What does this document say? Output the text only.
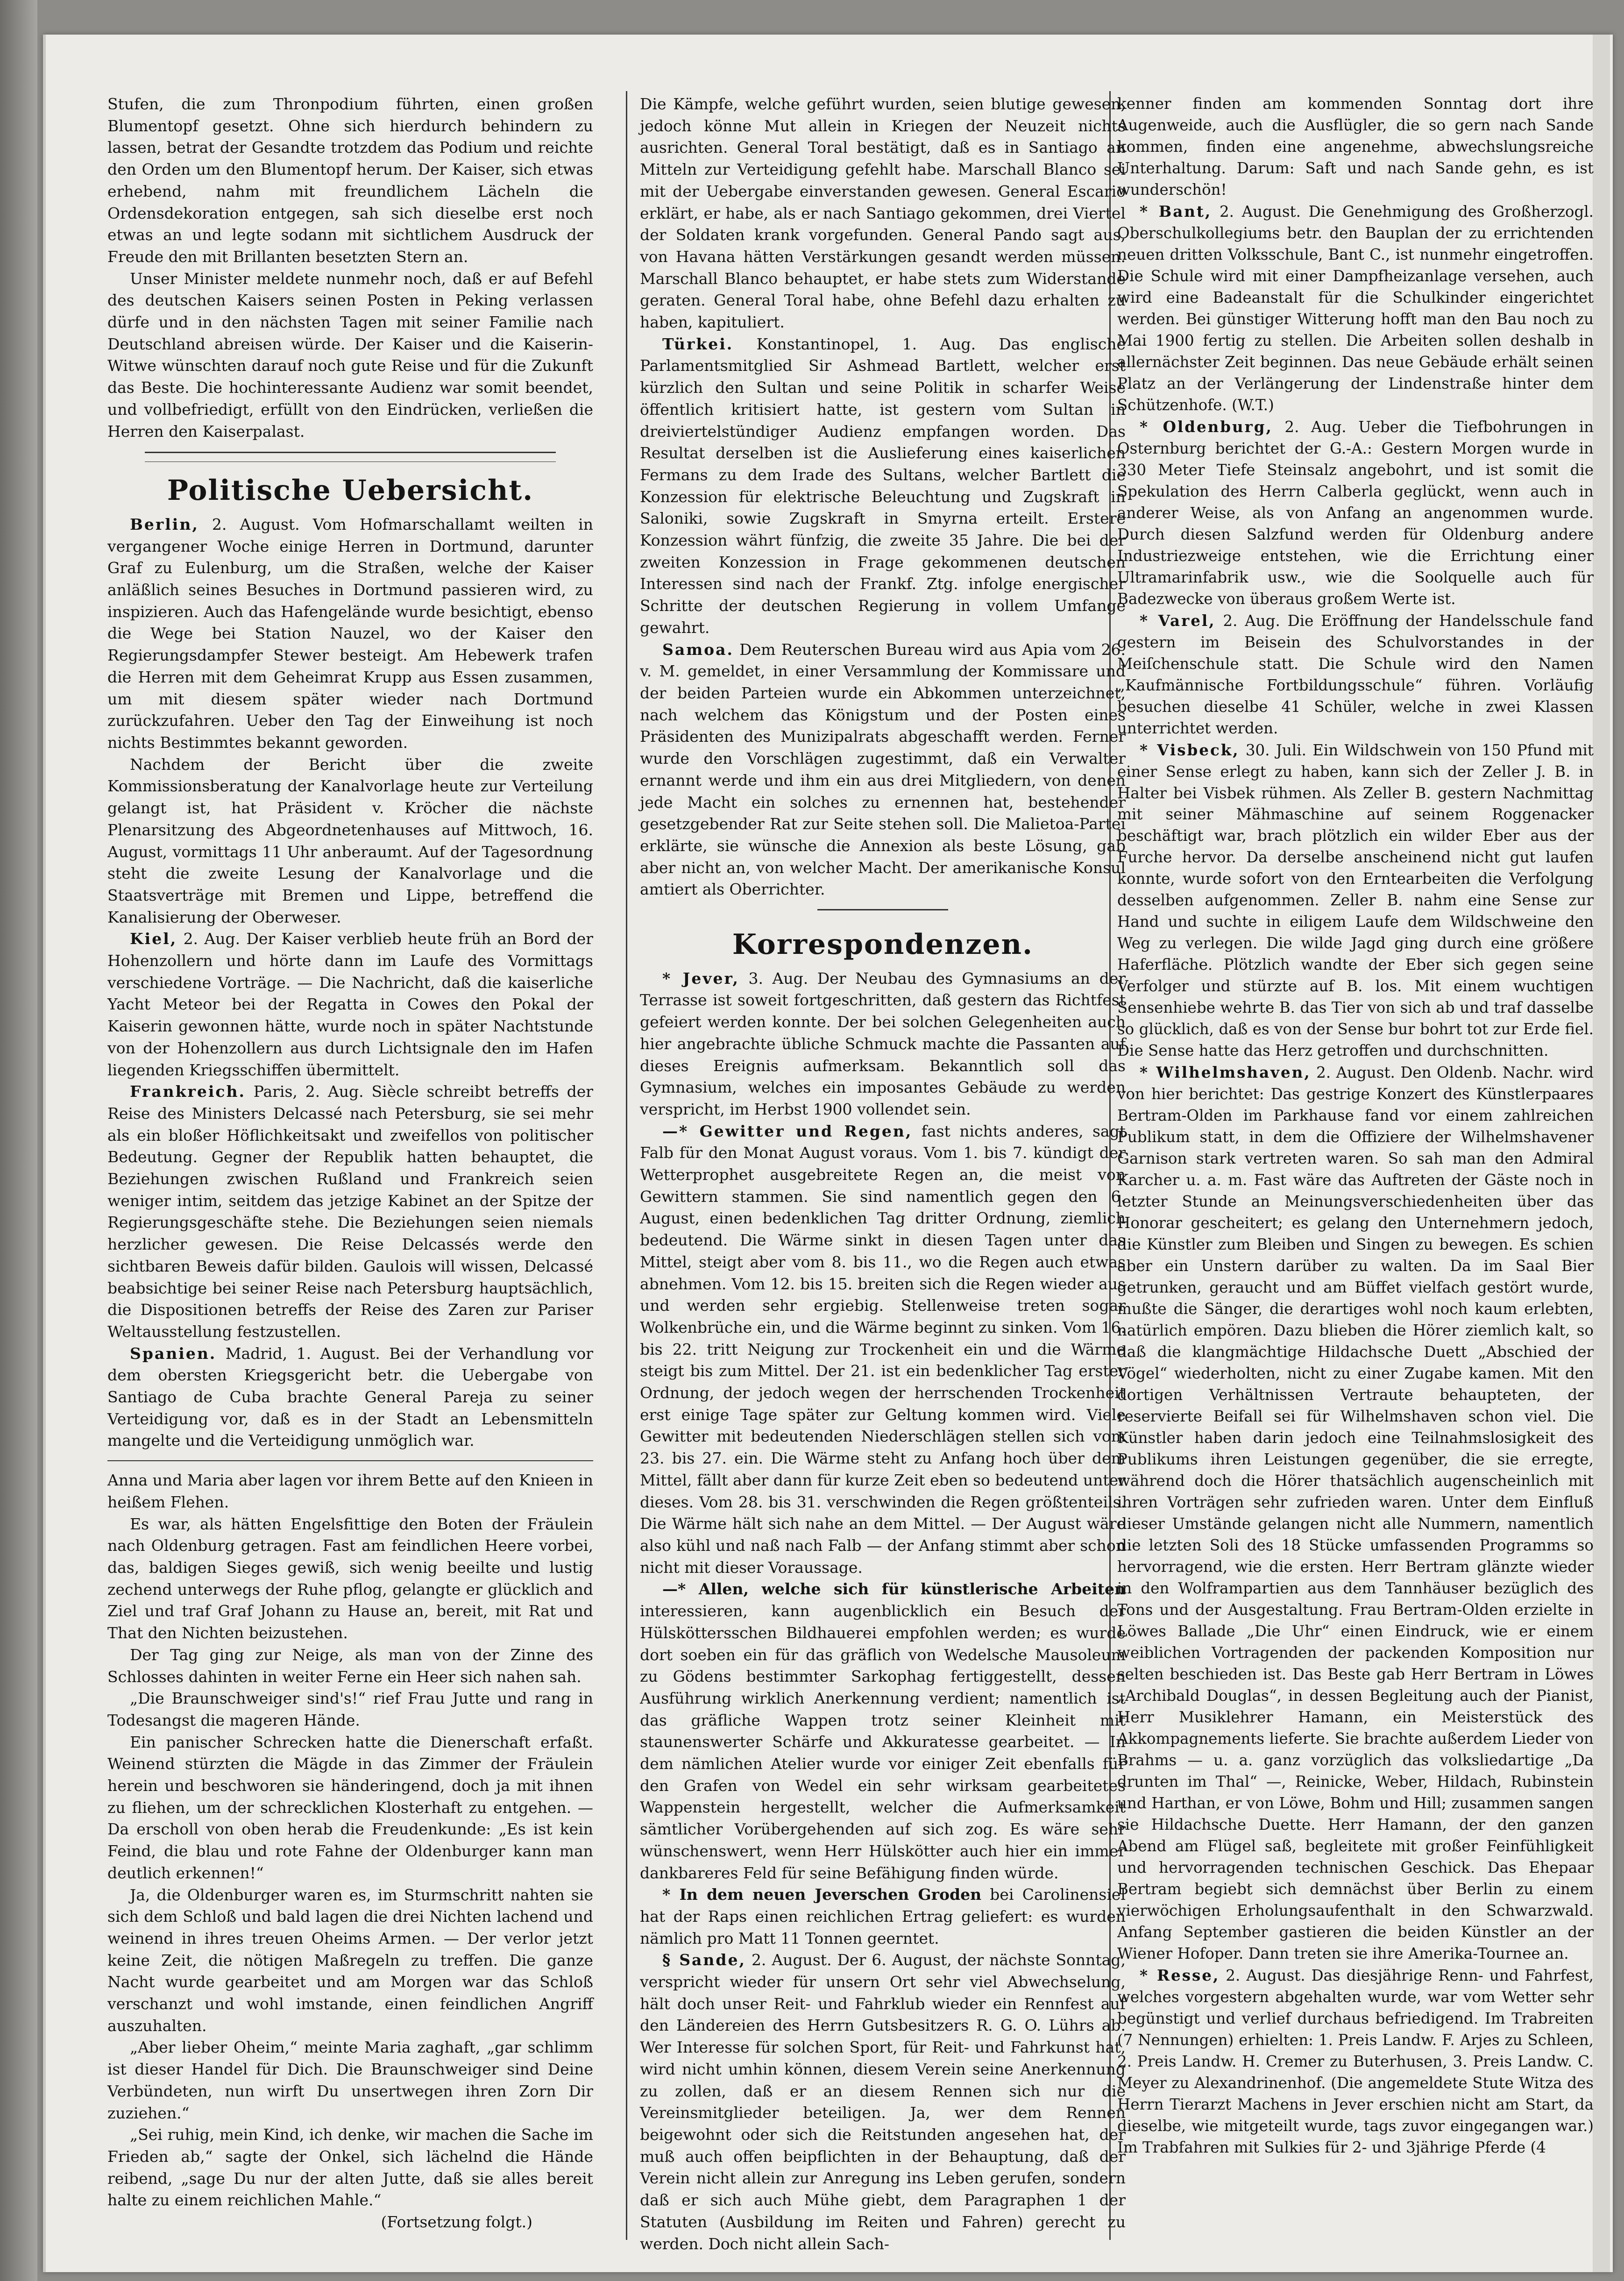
Stufen, die zum Thronpodium führten, einen großen Blumentopf gesetzt. Ohne sich hierdurch behindern zu lassen, betrat der Gesandte trotzdem das Podium und reichte den Orden um den Blumentopf herum. Der Kaiser, sich etwas erhebend, nahm mit freundlichem Lächeln die Ordensdekoration entgegen, sah sich dieselbe erst noch etwas an und legte sodann mit sichtlichem Ausdruck der Freude den mit Brillanten besetzten Stern an.

Unser Minister meldete nunmehr noch, daß er auf Befehl des deutschen Kaisers seinen Posten in Peking verlassen dürfe und in den nächsten Tagen mit seiner Familie nach Deutschland abreisen würde. Der Kaiser und die Kaiserin-Witwe wünschten darauf noch gute Reise und für die Zukunft das Beste. Die hochinteressante Audienz war somit beendet, und vollbefriedigt, erfüllt von den Eindrücken, verließen die Herren den Kaiserpalast.

Politische Uebersicht.

Berlin, 2. August. Vom Hofmarschallamt weilten in vergangener Woche einige Herren in Dortmund, darunter Graf zu Eulenburg, um die Straßen, welche der Kaiser anläßlich seines Besuches in Dortmund passieren wird, zu inspizieren. Auch das Hafengelände wurde besichtigt, ebenso die Wege bei Station Nauzel, wo der Kaiser den Regierungsdampfer Stewer besteigt. Am Hebewerk trafen die Herren mit dem Geheimrat Krupp aus Essen zusammen, um mit diesem später wieder nach Dortmund zurückzufahren. Ueber den Tag der Einweihung ist noch nichts Bestimmtes bekannt geworden.

Nachdem der Bericht über die zweite Kommissionsberatung der Kanalvorlage heute zur Verteilung gelangt ist, hat Präsident v. Kröcher die nächste Plenarsitzung des Abgeordnetenhauses auf Mittwoch, 16. August, vormittags 11 Uhr anberaumt. Auf der Tagesordnung steht die zweite Lesung der Kanalvorlage und die Staatsverträge mit Bremen und Lippe, betreffend die Kanalisierung der Oberweser.

Kiel, 2. Aug. Der Kaiser verblieb heute früh an Bord der Hohenzollern und hörte dann im Laufe des Vormittags verschiedene Vorträge. — Die Nachricht, daß die kaiserliche Yacht Meteor bei der Regatta in Cowes den Pokal der Kaiserin gewonnen hätte, wurde noch in später Nachtstunde von der Hohenzollern aus durch Lichtsignale den im Hafen liegenden Kriegsschiffen übermittelt.

Frankreich. Paris, 2. Aug. Siècle schreibt betreffs der Reise des Ministers Delcassé nach Petersburg, sie sei mehr als ein bloßer Höflichkeitsakt und zweifellos von politischer Bedeutung. Gegner der Republik hatten behauptet, die Beziehungen zwischen Rußland und Frankreich seien weniger intim, seitdem das jetzige Kabinet an der Spitze der Regierungsgeschäfte stehe. Die Beziehungen seien niemals herzlicher gewesen. Die Reise Delcassés werde den sichtbaren Beweis dafür bilden. Gaulois will wissen, Delcassé beabsichtige bei seiner Reise nach Petersburg hauptsächlich, die Dispositionen betreffs der Reise des Zaren zur Pariser Weltausstellung festzustellen.

Spanien. Madrid, 1. August. Bei der Verhandlung vor dem obersten Kriegsgericht betr. die Uebergabe von Santiago de Cuba brachte General Pareja zu seiner Verteidigung vor, daß es in der Stadt an Lebensmitteln mangelte und die Verteidigung unmöglich war.

Anna und Maria aber lagen vor ihrem Bette auf den Knieen in heißem Flehen.

Es war, als hätten Engelsfittige den Boten der Fräulein nach Oldenburg getragen. Fast am feindlichen Heere vorbei, das, baldigen Sieges gewiß, sich wenig beeilte und lustig zechend unterwegs der Ruhe pflog, gelangte er glücklich and Ziel und traf Graf Johann zu Hause an, bereit, mit Rat und That den Nichten beizustehen.

Der Tag ging zur Neige, als man von der Zinne des Schlosses dahinten in weiter Ferne ein Heer sich nahen sah.

„Die Braunschweiger sind's!“ rief Frau Jutte und rang in Todesangst die mageren Hände.

Ein panischer Schrecken hatte die Dienerschaft erfaßt. Weinend stürzten die Mägde in das Zimmer der Fräulein herein und beschworen sie händeringend, doch ja mit ihnen zu fliehen, um der schrecklichen Klosterhaft zu entgehen. — Da erscholl von oben herab die Freudenkunde: „Es ist kein Feind, die blau und rote Fahne der Oldenburger kann man deutlich erkennen!“

Ja, die Oldenburger waren es, im Sturmschritt nahten sie sich dem Schloß und bald lagen die drei Nichten lachend und weinend in ihres treuen Oheims Armen. — Der verlor jetzt keine Zeit, die nötigen Maßregeln zu treffen. Die ganze Nacht wurde gearbeitet und am Morgen war das Schloß verschanzt und wohl imstande, einen feindlichen Angriff auszuhalten.

„Aber lieber Oheim,“ meinte Maria zaghaft, „gar schlimm ist dieser Handel für Dich. Die Braunschweiger sind Deine Verbündeten, nun wirft Du unsertwegen ihren Zorn Dir zuziehen.“

„Sei ruhig, mein Kind, ich denke, wir machen die Sache im Frieden ab,“ sagte der Onkel, sich lächelnd die Hände reibend, „sage Du nur der alten Jutte, daß sie alles bereit halte zu einem reichlichen Mahle.“

(Fortsetzung folgt.)

Die Kämpfe, welche geführt wurden, seien blutige gewesen, jedoch könne Mut allein in Kriegen der Neuzeit nichts ausrichten. General Toral bestätigt, daß es in Santiago an Mitteln zur Verteidigung gefehlt habe. Marschall Blanco sei mit der Uebergabe einverstanden gewesen. General Escario erklärt, er habe, als er nach Santiago gekommen, drei Viertel der Soldaten krank vorgefunden. General Pando sagt aus, von Havana hätten Verstärkungen gesandt werden müssen. Marschall Blanco behauptet, er habe stets zum Widerstande geraten. General Toral habe, ohne Befehl dazu erhalten zu haben, kapituliert.

Türkei. Konstantinopel, 1. Aug. Das englische Parlamentsmitglied Sir Ashmead Bartlett, welcher erst kürzlich den Sultan und seine Politik in scharfer Weise öffentlich kritisiert hatte, ist gestern vom Sultan in dreiviertelstündiger Audienz empfangen worden. Das Resultat derselben ist die Auslieferung eines kaiserlichen Fermans zu dem Irade des Sultans, welcher Bartlett die Konzession für elektrische Beleuchtung und Zugskraft in Saloniki, sowie Zugskraft in Smyrna erteilt. Erstere Konzession währt fünfzig, die zweite 35 Jahre. Die bei der zweiten Konzession in Frage gekommenen deutschen Interessen sind nach der Frankf. Ztg. infolge energischer Schritte der deutschen Regierung in vollem Umfange gewahrt.

Samoa. Dem Reuterschen Bureau wird aus Apia vom 26. v. M. gemeldet, in einer Versammlung der Kommissare und der beiden Parteien wurde ein Abkommen unterzeichnet, nach welchem das Königstum und der Posten eines Präsidenten des Munizipalrats abgeschafft werden. Ferner wurde den Vorschlägen zugestimmt, daß ein Verwalter ernannt werde und ihm ein aus drei Mitgliedern, von denen jede Macht ein solches zu ernennen hat, bestehender gesetzgebender Rat zur Seite stehen soll. Die Malietoa-Partei erklärte, sie wünsche die Annexion als beste Lösung, gab aber nicht an, von welcher Macht. Der amerikanische Konsul amtiert als Oberrichter.

Korrespondenzen.

* Jever, 3. Aug. Der Neubau des Gymnasiums an der Terrasse ist soweit fortgeschritten, daß gestern das Richtfest gefeiert werden konnte. Der bei solchen Gelegenheiten auch hier angebrachte übliche Schmuck machte die Passanten auf dieses Ereignis aufmerksam. Bekanntlich soll das Gymnasium, welches ein imposantes Gebäude zu werden verspricht, im Herbst 1900 vollendet sein.

—* Gewitter und Regen, fast nichts anderes, sagt Falb für den Monat August voraus. Vom 1. bis 7. kündigt der Wetterprophet ausgebreitete Regen an, die meist von Gewittern stammen. Sie sind namentlich gegen den 6. August, einen bedenklichen Tag dritter Ordnung, ziemlich bedeutend. Die Wärme sinkt in diesen Tagen unter das Mittel, steigt aber vom 8. bis 11., wo die Regen auch etwas abnehmen. Vom 12. bis 15. breiten sich die Regen wieder aus und werden sehr ergiebig. Stellenweise treten sogar Wolkenbrüche ein, und die Wärme beginnt zu sinken. Vom 16. bis 22. tritt Neigung zur Trockenheit ein und die Wärme steigt bis zum Mittel. Der 21. ist ein bedenklicher Tag erster Ordnung, der jedoch wegen der herrschenden Trockenheit erst einige Tage später zur Geltung kommen wird. Viele Gewitter mit bedeutenden Niederschlägen stellen sich vom 23. bis 27. ein. Die Wärme steht zu Anfang hoch über dem Mittel, fällt aber dann für kurze Zeit eben so bedeutend unter dieses. Vom 28. bis 31. verschwinden die Regen größtenteils. Die Wärme hält sich nahe an dem Mittel. — Der August wäre also kühl und naß nach Falb — der Anfang stimmt aber schon nicht mit dieser Voraussage.

—* Allen, welche sich für künstlerische Arbeiten interessieren, kann augenblicklich ein Besuch der Hülsköttersschen Bildhauerei empfohlen werden; es wurde dort soeben ein für das gräflich von Wedelsche Mausoleum zu Gödens bestimmter Sarkophag fertiggestellt, dessen Ausführung wirklich Anerkennung verdient; namentlich ist das gräfliche Wappen trotz seiner Kleinheit mit staunenswerter Schärfe und Akkuratesse gearbeitet. — In dem nämlichen Atelier wurde vor einiger Zeit ebenfalls für den Grafen von Wedel ein sehr wirksam gearbeitetes Wappenstein hergestellt, welcher die Aufmerksamkeit sämtlicher Vorübergehenden auf sich zog. Es wäre sehr wünschenswert, wenn Herr Hülskötter auch hier ein immer dankbareres Feld für seine Befähigung finden würde.

* In dem neuen Jeverschen Groden bei Carolinensiel hat der Raps einen reichlichen Ertrag geliefert: es wurden nämlich pro Matt 11 Tonnen geerntet.

§ Sande, 2. August. Der 6. August, der nächste Sonntag, verspricht wieder für unsern Ort sehr viel Abwechselung, hält doch unser Reit- und Fahrklub wieder ein Rennfest auf den Ländereien des Herrn Gutsbesitzers R. G. O. Lührs ab. Wer Interesse für solchen Sport, für Reit- und Fahrkunst hat, wird nicht umhin können, diesem Verein seine Anerkennung zu zollen, daß er an diesem Rennen sich nur die Vereinsmitglieder beteiligen. Ja, wer dem Rennen beigewohnt oder sich die Reitstunden angesehen hat, der muß auch offen beipflichten in der Behauptung, daß der Verein nicht allein zur Anregung ins Leben gerufen, sondern daß er sich auch Mühe giebt, dem Paragraphen 1 der Statuten (Ausbildung im Reiten und Fahren) gerecht zu werden. Doch nicht allein Sach-

kenner finden am kommenden Sonntag dort ihre Augenweide, auch die Ausflügler, die so gern nach Sande kommen, finden eine angenehme, abwechslungsreiche Unterhaltung. Darum: Saft und nach Sande gehn, es ist wunderschön!

* Bant, 2. August. Die Genehmigung des Großherzogl. Oberschulkollegiums betr. den Bauplan der zu errichtenden neuen dritten Volksschule, Bant C., ist nunmehr eingetroffen. Die Schule wird mit einer Dampfheizanlage versehen, auch wird eine Badeanstalt für die Schulkinder eingerichtet werden. Bei günstiger Witterung hofft man den Bau noch zu Mai 1900 fertig zu stellen. Die Arbeiten sollen deshalb in allernächster Zeit beginnen. Das neue Gebäude erhält seinen Platz an der Verlängerung der Lindenstraße hinter dem Schützenhofe. (W.T.)

* Oldenburg, 2. Aug. Ueber die Tiefbohrungen in Osternburg berichtet der G.-A.: Gestern Morgen wurde in 330 Meter Tiefe Steinsalz angebohrt, und ist somit die Spekulation des Herrn Calberla geglückt, wenn auch in anderer Weise, als von Anfang an angenommen wurde. Durch diesen Salzfund werden für Oldenburg andere Industriezweige entstehen, wie die Errichtung einer Ultramarinfabrik usw., wie die Soolquelle auch für Badezwecke von überaus großem Werte ist.

* Varel, 2. Aug. Die Eröffnung der Handelsschule fand gestern im Beisein des Schulvorstandes in der Meiſchenschule statt. Die Schule wird den Namen „Kaufmännische Fortbildungsschule“ führen. Vorläufig besuchen dieselbe 41 Schüler, welche in zwei Klassen unterrichtet werden.

* Visbeck, 30. Juli. Ein Wildschwein von 150 Pfund mit einer Sense erlegt zu haben, kann sich der Zeller J. B. in Halter bei Visbek rühmen. Als Zeller B. gestern Nachmittag mit seiner Mähmaschine auf seinem Roggenacker beschäftigt war, brach plötzlich ein wilder Eber aus der Furche hervor. Da derselbe anscheinend nicht gut laufen konnte, wurde sofort von den Erntearbeiten die Verfolgung desselben aufgenommen. Zeller B. nahm eine Sense zur Hand und suchte in eiligem Laufe dem Wildschweine den Weg zu verlegen. Die wilde Jagd ging durch eine größere Haferfläche. Plötzlich wandte der Eber sich gegen seine Verfolger und stürzte auf B. los. Mit einem wuchtigen Sensenhiebe wehrte B. das Tier von sich ab und traf dasselbe so glücklich, daß es von der Sense bur bohrt tot zur Erde fiel. Die Sense hatte das Herz getroffen und durchschnitten.

* Wilhelmshaven, 2. August. Den Oldenb. Nachr. wird von hier berichtet: Das gestrige Konzert des Künstlerpaares Bertram-Olden im Parkhause fand vor einem zahlreichen Publikum statt, in dem die Offiziere der Wilhelmshavener Garnison stark vertreten waren. So sah man den Admiral Karcher u. a. m. Fast wäre das Auftreten der Gäste noch in letzter Stunde an Meinungsverschiedenheiten über das Honorar gescheitert; es gelang den Unternehmern jedoch, die Künstler zum Bleiben und Singen zu bewegen. Es schien aber ein Unstern darüber zu walten. Da im Saal Bier getrunken, geraucht und am Büffet vielfach gestört wurde, mußte die Sänger, die derartiges wohl noch kaum erlebten, natürlich empören. Dazu blieben die Hörer ziemlich kalt, so daß die klangmächtige Hildachsche Duett „Abschied der Vögel“ wiederholten, nicht zu einer Zugabe kamen. Mit den dortigen Verhältnissen Vertraute behaupteten, der reservierte Beifall sei für Wilhelmshaven schon viel. Die Künstler haben darin jedoch eine Teilnahmslosigkeit des Publikums ihren Leistungen gegenüber, die sie erregte, während doch die Hörer thatsächlich augenscheinlich mit ihren Vorträgen sehr zufrieden waren. Unter dem Einfluß dieser Umstände gelangen nicht alle Nummern, namentlich die letzten Soli des 18 Stücke umfassenden Programms so hervorragend, wie die ersten. Herr Bertram glänzte wieder in den Wolframpartien aus dem Tannhäuser bezüglich des Tons und der Ausgestaltung. Frau Bertram-Olden erzielte in Löwes Ballade „Die Uhr“ einen Eindruck, wie er einem weiblichen Vortragenden der packenden Komposition nur selten beschieden ist. Das Beste gab Herr Bertram in Löwes „Archibald Douglas“, in dessen Begleitung auch der Pianist, Herr Musiklehrer Hamann, ein Meisterstück des Akkompagnements lieferte. Sie brachte außerdem Lieder von Brahms — u. a. ganz vorzüglich das volksliedartige „Da drunten im Thal“ —, Reinicke, Weber, Hildach, Rubinstein und Harthan, er von Löwe, Bohm und Hill; zusammen sangen sie Hildachsche Duette. Herr Hamann, der den ganzen Abend am Flügel saß, begleitete mit großer Feinfühligkeit und hervorragenden technischen Geschick. Das Ehepaar Bertram begiebt sich demnächst über Berlin zu einem vierwöchigen Erholungsaufenthalt in den Schwarzwald. Anfang September gastieren die beiden Künstler an der Wiener Hofoper. Dann treten sie ihre Amerika-Tournee an.

* Resse, 2. August. Das diesjährige Renn- und Fahrfest, welches vorgestern abgehalten wurde, war vom Wetter sehr begünstigt und verlief durchaus befriedigend. Im Trabreiten (7 Nennungen) erhielten: 1. Preis Landw. F. Arjes zu Schleen, 2. Preis Landw. H. Cremer zu Buterhusen, 3. Preis Landw. C. Meyer zu Alexandrinenhof. (Die angemeldete Stute Witza des Herrn Tierarzt Machens in Jever erschien nicht am Start, da dieselbe, wie mitgeteilt wurde, tags zuvor eingegangen war.) Im Trabfahren mit Sulkies für 2- und 3jährige Pferde (4
